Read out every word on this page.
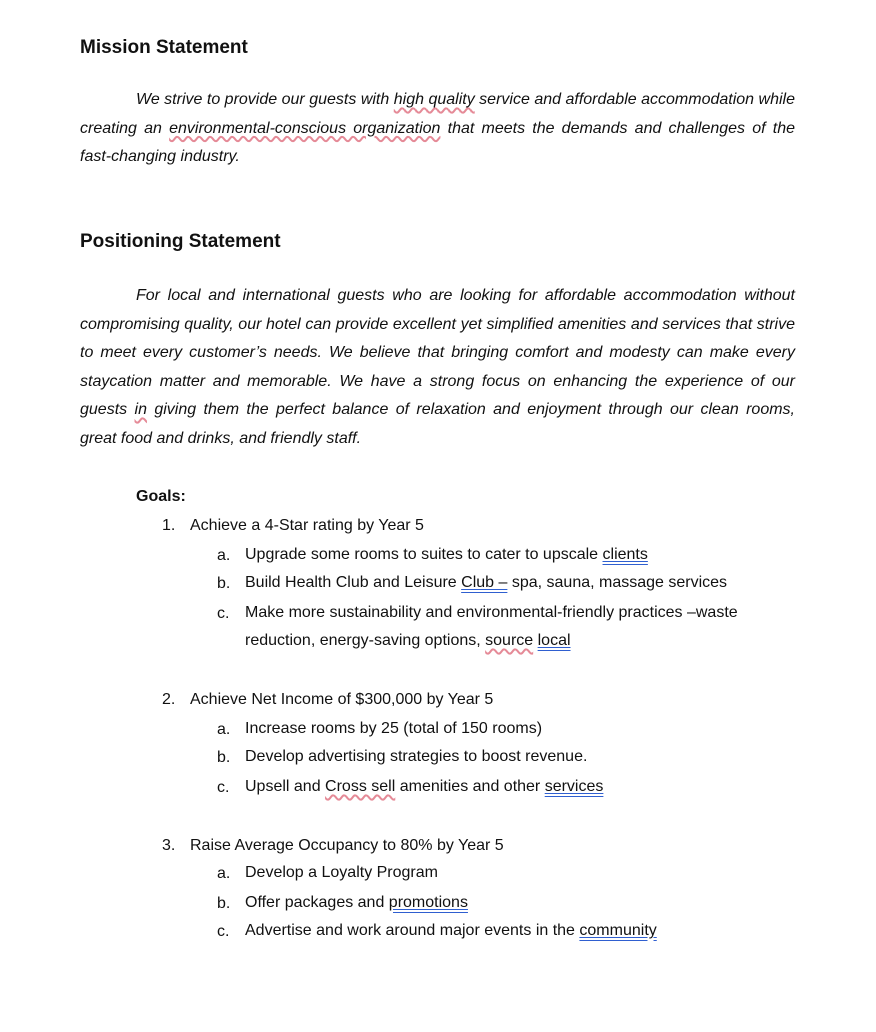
Mission Statement

We strive to provide our guests with high quality service and affordable accommodation while creating an environmental-conscious organization that meets the demands and challenges of the fast-changing industry.

Positioning Statement

For local and international guests who are looking for affordable accommodation without compromising quality, our hotel can provide excellent yet simplified amenities and services that strive to meet every customer’s needs. We believe that bringing comfort and modesty can make every staycation matter and memorable. We have a strong focus on enhancing the experience of our guests in giving them the perfect balance of relaxation and enjoyment through our clean rooms, great food and drinks, and friendly staff.

Goals:
1. Achieve a 4-Star rating by Year 5
a. Upgrade some rooms to suites to cater to upscale clients
b. Build Health Club and Leisure Club – spa, sauna, massage services
c. Make more sustainability and environmental-friendly practices –waste reduction, energy-saving options, source local
2. Achieve Net Income of $300,000 by Year 5
a. Increase rooms by 25 (total of 150 rooms)
b. Develop advertising strategies to boost revenue.
c. Upsell and Cross sell amenities and other services
3. Raise Average Occupancy to 80% by Year 5
a. Develop a Loyalty Program
b. Offer packages and promotions
c. Advertise and work around major events in the community
